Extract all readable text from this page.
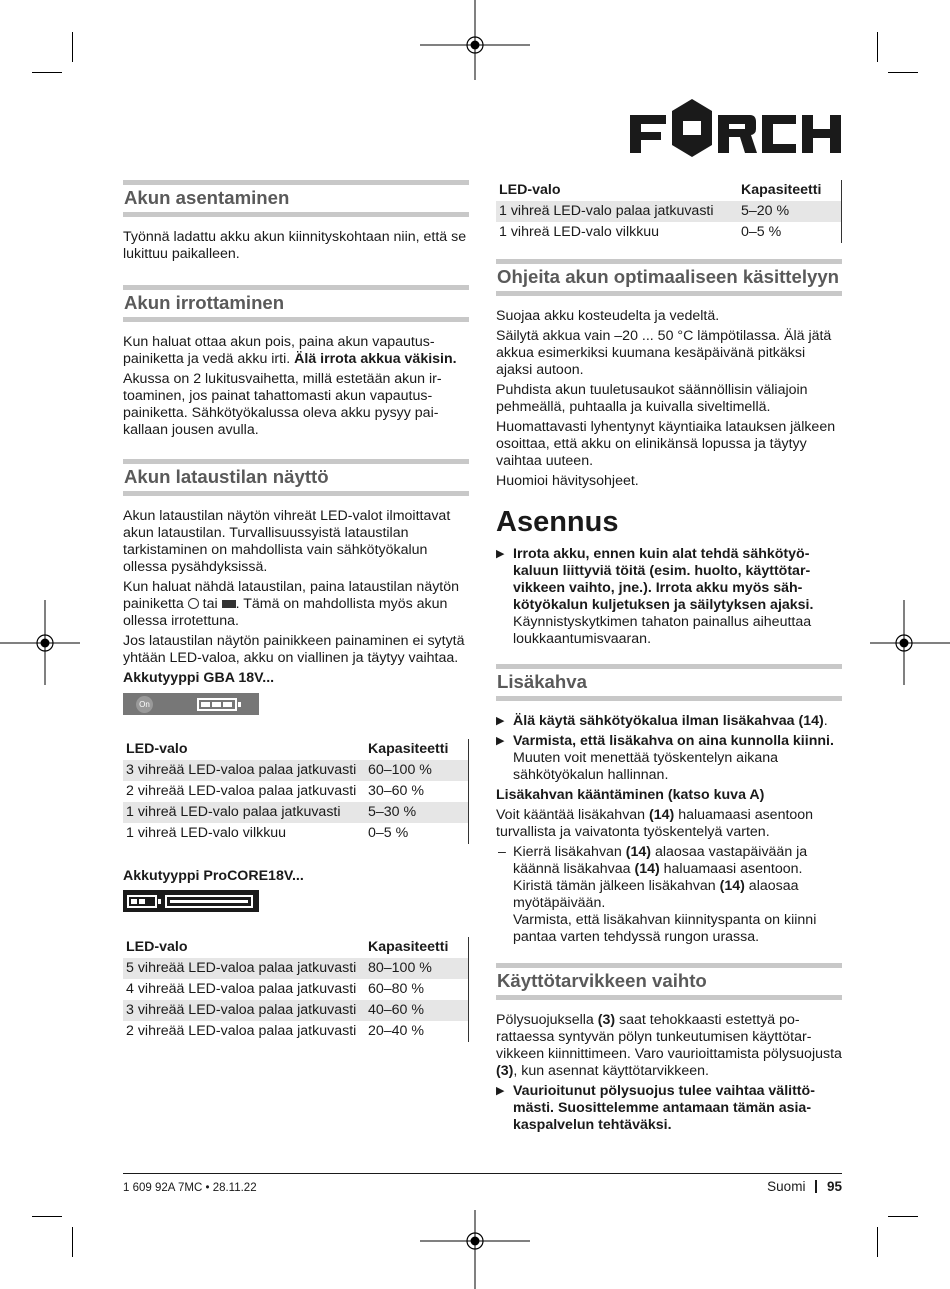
Akun asentaminen

Työnnä ladattu akku akun kiinnityskohtaan niin, että se lukittuu paikalleen.

Akun irrottaminen

Kun haluat ottaa akun pois, paina akun vapautuspainiketta ja vedä akku irti. Älä irrota akkua väkisin.

Akussa on 2 lukitusvaihetta, millä estetään akun irtoaminen, jos painat tahattomasti akun vapautuspainiketta. Sähkötyökalussa oleva akku pysyy paikallaan jousen avulla.

Akun lataustilan näyttö

Akun lataustilan näytön vihreät LED-valot ilmoittavat akun lataustilan. Turvallisuussyistä lataustilan tarkistaminen on mahdollista vain sähkötyökalun ollessa pysähdyksissä.

Kun haluat nähdä lataustilan, paina lataustilan näytön painiketta  tai . Tämä on mahdollista myös akun ollessa irrotettuna.

Jos lataustilan näytön painikkeen painaminen ei sytytä yhtään LED-valoa, akku on viallinen ja täytyy vaihtaa.

Akkutyyppi GBA 18V...
On
LED-valo	Kapasiteetti
3 vihreää LED-valoa palaa jatkuvasti	60–100 %
2 vihreää LED-valoa palaa jatkuvasti	30–60 %
1 vihreä LED-valo palaa jatkuvasti	5–30 %
1 vihreä LED-valo vilkkuu	0–5 %
Akkutyyppi ProCORE18V...
LED-valo	Kapasiteetti
5 vihreää LED-valoa palaa jatkuvasti	80–100 %
4 vihreää LED-valoa palaa jatkuvasti	60–80 %
3 vihreää LED-valoa palaa jatkuvasti	40–60 %
2 vihreää LED-valoa palaa jatkuvasti	20–40 %
LED-valo	Kapasiteetti
1 vihreä LED-valo palaa jatkuvasti	5–20 %
1 vihreä LED-valo vilkkuu	0–5 %
Ohjeita akun optimaaliseen käsittelyyn

Suojaa akku kosteudelta ja vedeltä.

Säilytä akkua vain –20 ... 50 °C lämpötilassa. Älä jätä akkua esimerkiksi kuumana kesäpäivänä pitkäksi ajaksi autoon.

Puhdista akun tuuletusaukot säännöllisin väliajoin pehmeällä, puhtaalla ja kuivalla siveltimellä.

Huomattavasti lyhentynyt käyntiaika latauksen jälkeen osoittaa, että akku on elinikänsä lopussa ja täytyy vaihtaa uuteen.

Huomioi hävitysohjeet.

Asennus
▶ Irrota akku, ennen kuin alat tehdä sähkötyökaluun liittyviä töitä (esim. huolto, käyttötarvikkeen vaihto, jne.). Irrota akku myös sähkötyökalun kuljetuksen ja säilytyksen ajaksi. Käynnistyskytkimen tahaton painallus aiheuttaa loukkaantumisvaaran.
Lisäkahva
▶ Älä käytä sähkötyökalua ilman lisäkahvaa (14).
▶ Varmista, että lisäkahva on aina kunnolla kiinni. Muuten voit menettää työskentelyn aikana sähkötyökalun hallinnan.
Lisäkahvan kääntäminen (katso kuva A)

Voit kääntää lisäkahvan (14) haluamaasi asentoon turvallista ja vaivatonta työskentelyä varten.

– Kierrä lisäkahvan (14) alaosaa vastapäivään ja käännä lisäkahvaa (14) haluamaasi asentoon. Kiristä tämän jälkeen lisäkahvan (14) alaosaa myötäpäivään.
Varmista, että lisäkahvan kiinnityspanta on kiinni pantaa varten tehdyssä rungon urassa.
Käyttötarvikkeen vaihto

Pölysuojuksella (3) saat tehokkaasti estettyä porattaessa syntyvän pölyn tunkeutumisen käyttötarvikkeen kiinnittimeen. Varo vaurioittamista pölysuojusta (3), kun asennat käyttötarvikkeen.

▶ Vaurioitunut pölysuojus tulee vaihtaa välittömästi. Suosittelemme antamaan tämän asiakaspalvelun tehtäväksi.
1 609 92A 7MC • 28.11.22	Suomi 95
